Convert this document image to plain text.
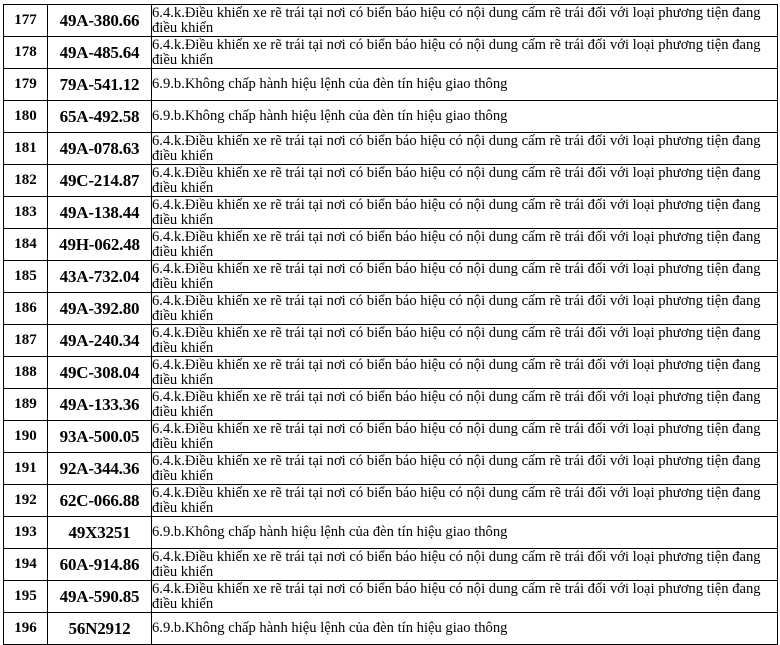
177	49A-380.66	6.4.k.Điều khiển xe rẽ trái tại nơi có biển báo hiệu có nội dung cấm rẽ trái đối với loại phương tiện đang điều khiển

178	49A-485.64	6.4.k.Điều khiển xe rẽ trái tại nơi có biển báo hiệu có nội dung cấm rẽ trái đối với loại phương tiện đang điều khiển

179	79A-541.12	6.9.b.Không chấp hành hiệu lệnh của đèn tín hiệu giao thông

180	65A-492.58	6.9.b.Không chấp hành hiệu lệnh của đèn tín hiệu giao thông

181	49A-078.63	6.4.k.Điều khiển xe rẽ trái tại nơi có biển báo hiệu có nội dung cấm rẽ trái đối với loại phương tiện đang điều khiển

182	49C-214.87	6.4.k.Điều khiển xe rẽ trái tại nơi có biển báo hiệu có nội dung cấm rẽ trái đối với loại phương tiện đang điều khiển

183	49A-138.44	6.4.k.Điều khiển xe rẽ trái tại nơi có biển báo hiệu có nội dung cấm rẽ trái đối với loại phương tiện đang điều khiển

184	49H-062.48	6.4.k.Điều khiển xe rẽ trái tại nơi có biển báo hiệu có nội dung cấm rẽ trái đối với loại phương tiện đang điều khiển

185	43A-732.04	6.4.k.Điều khiển xe rẽ trái tại nơi có biển báo hiệu có nội dung cấm rẽ trái đối với loại phương tiện đang điều khiển

186	49A-392.80	6.4.k.Điều khiển xe rẽ trái tại nơi có biển báo hiệu có nội dung cấm rẽ trái đối với loại phương tiện đang điều khiển

187	49A-240.34	6.4.k.Điều khiển xe rẽ trái tại nơi có biển báo hiệu có nội dung cấm rẽ trái đối với loại phương tiện đang điều khiển

188	49C-308.04	6.4.k.Điều khiển xe rẽ trái tại nơi có biển báo hiệu có nội dung cấm rẽ trái đối với loại phương tiện đang điều khiển

189	49A-133.36	6.4.k.Điều khiển xe rẽ trái tại nơi có biển báo hiệu có nội dung cấm rẽ trái đối với loại phương tiện đang điều khiển

190	93A-500.05	6.4.k.Điều khiển xe rẽ trái tại nơi có biển báo hiệu có nội dung cấm rẽ trái đối với loại phương tiện đang điều khiển

191	92A-344.36	6.4.k.Điều khiển xe rẽ trái tại nơi có biển báo hiệu có nội dung cấm rẽ trái đối với loại phương tiện đang điều khiển

192	62C-066.88	6.4.k.Điều khiển xe rẽ trái tại nơi có biển báo hiệu có nội dung cấm rẽ trái đối với loại phương tiện đang điều khiển

193	49X3251	6.9.b.Không chấp hành hiệu lệnh của đèn tín hiệu giao thông

194	60A-914.86	6.4.k.Điều khiển xe rẽ trái tại nơi có biển báo hiệu có nội dung cấm rẽ trái đối với loại phương tiện đang điều khiển

195	49A-590.85	6.4.k.Điều khiển xe rẽ trái tại nơi có biển báo hiệu có nội dung cấm rẽ trái đối với loại phương tiện đang điều khiển

196	56N2912	6.9.b.Không chấp hành hiệu lệnh của đèn tín hiệu giao thông
